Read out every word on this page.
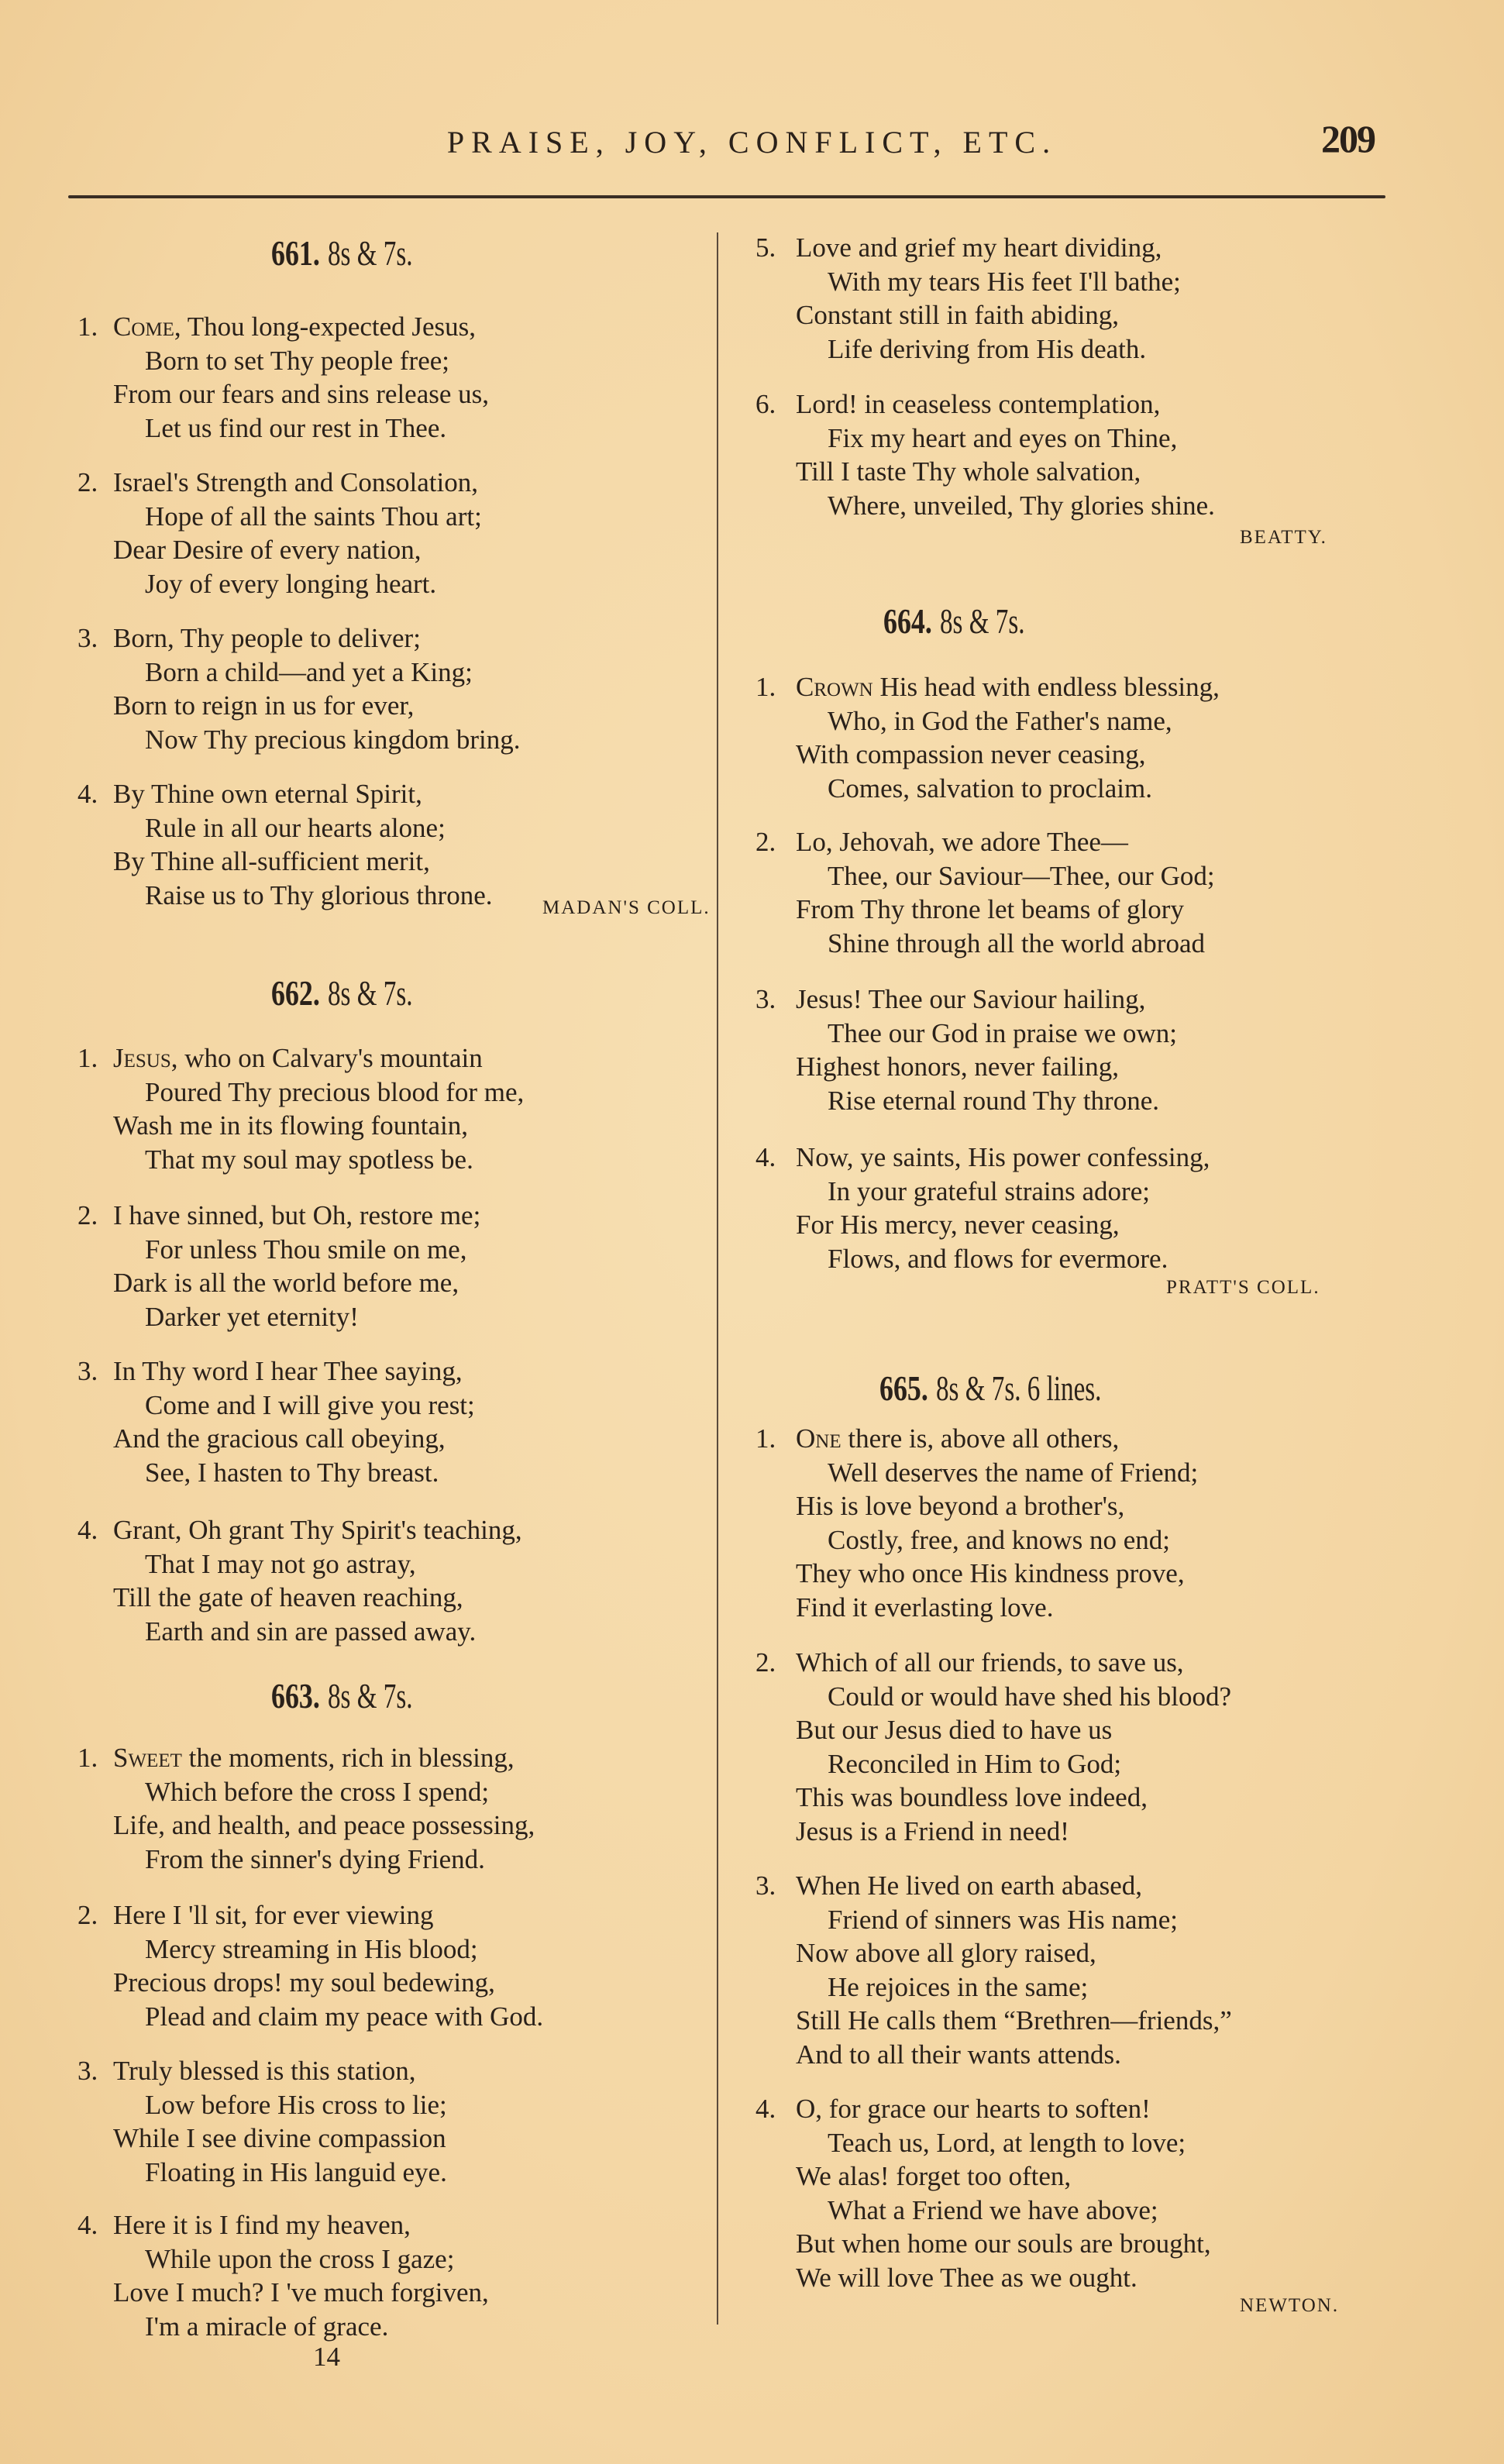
PRAISE, JOY, CONFLICT, ETC.	209
661.8s & 7s.
1. Come, Thou long-expected Jesus,
Born to set Thy people free;
From our fears and sins release us,
Let us find our rest in Thee.
2. Israel's Strength and Consolation,
Hope of all the saints Thou art;
Dear Desire of every nation,
Joy of every longing heart.
3. Born, Thy people to deliver;
Born a child—and yet a King;
Born to reign in us for ever,
Now Thy precious kingdom bring.
4. By Thine own eternal Spirit,
Rule in all our hearts alone;
By Thine all-sufficient merit,
Raise us to Thy glorious throne.	MADAN'S COLL.
662.8s & 7s.
1. Jesus, who on Calvary's mountain
Poured Thy precious blood for me,
Wash me in its flowing fountain,
That my soul may spotless be.
2. I have sinned, but Oh, restore me;
For unless Thou smile on me,
Dark is all the world before me,
Darker yet eternity!
3. In Thy word I hear Thee saying,
Come and I will give you rest;
And the gracious call obeying,
See, I hasten to Thy breast.
4. Grant, Oh grant Thy Spirit's teaching,
That I may not go astray,
Till the gate of heaven reaching,
Earth and sin are passed away.
663.8s & 7s.
1. Sweet the moments, rich in blessing,
Which before the cross I spend;
Life, and health, and peace possessing,
From the sinner's dying Friend.
2. Here I 'll sit, for ever viewing
Mercy streaming in His blood;
Precious drops! my soul bedewing,
Plead and claim my peace with God.
3. Truly blessed is this station,
Low before His cross to lie;
While I see divine compassion
Floating in His languid eye.
4. Here it is I find my heaven,
While upon the cross I gaze;
Love I much? I 've much forgiven,
I'm a miracle of grace.
5. Love and grief my heart dividing,
With my tears His feet I'll bathe;
Constant still in faith abiding,
Life deriving from His death.
6. Lord! in ceaseless contemplation,
Fix my heart and eyes on Thine,
Till I taste Thy whole salvation,
Where, unveiled, Thy glories shine.
BEATTY.
664.8s & 7s.
1. Crown His head with endless blessing,
Who, in God the Father's name,
With compassion never ceasing,
Comes, salvation to proclaim.
2. Lo, Jehovah, we adore Thee—
Thee, our Saviour—Thee, our God;
From Thy throne let beams of glory
Shine through all the world abroad
3. Jesus! Thee our Saviour hailing,
Thee our God in praise we own;
Highest honors, never failing,
Rise eternal round Thy throne.
4. Now, ye saints, His power confessing,
In your grateful strains adore;
For His mercy, never ceasing,
Flows, and flows for evermore.
PRATT'S COLL.
665.8s & 7s. 6 lines.
1. One there is, above all others,
Well deserves the name of Friend;
His is love beyond a brother's,
Costly, free, and knows no end;
They who once His kindness prove,
Find it everlasting love.
2. Which of all our friends, to save us,
Could or would have shed his blood?
But our Jesus died to have us
Reconciled in Him to God;
This was boundless love indeed,
Jesus is a Friend in need!
3. When He lived on earth abased,
Friend of sinners was His name;
Now above all glory raised,
He rejoices in the same;
Still He calls them “Brethren—friends,”
And to all their wants attends.
4. O, for grace our hearts to soften!
Teach us, Lord, at length to love;
We alas! forget too often,
What a Friend we have above;
But when home our souls are brought,
We will love Thee as we ought.
NEWTON.
14
